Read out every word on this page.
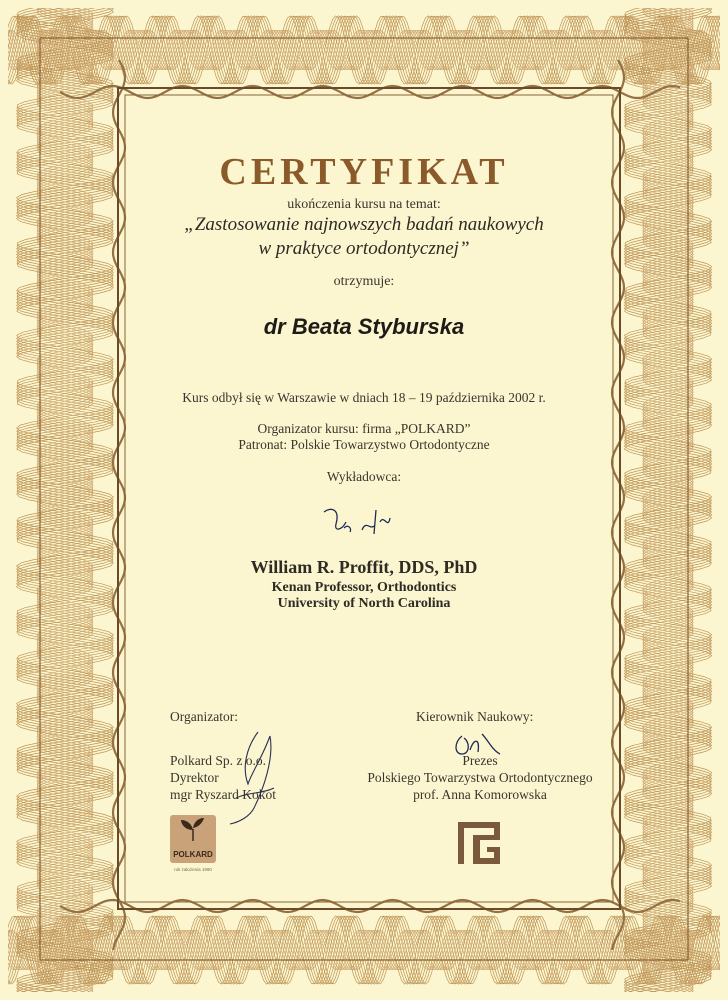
CERTYFIKAT

ukończenia kursu na temat:

„Zastosowanie najnowszych badań naukowych
w praktyce ortodontycznej”

otrzymuje:

dr Beata Styburska

Kurs odbył się w Warszawie w dniach 18 – 19 października 2002 r.

Organizator kursu: firma „POLKARD”

Patronat: Polskie Towarzystwo Ortodontyczne

Wykładowca:

William R. Proffit, DDS, PhD

Kenan Professor, Orthodontics

University of North Carolina

Organizator:
Polkard Sp. z o.o.
Dyrektor
mgr Ryszard Kokot
Kierownik Naukowy:
Prezes
Polskiego Towarzystwa Ortodontycznego
prof. Anna Komorowska
POLKARD
rok założenia 1990
